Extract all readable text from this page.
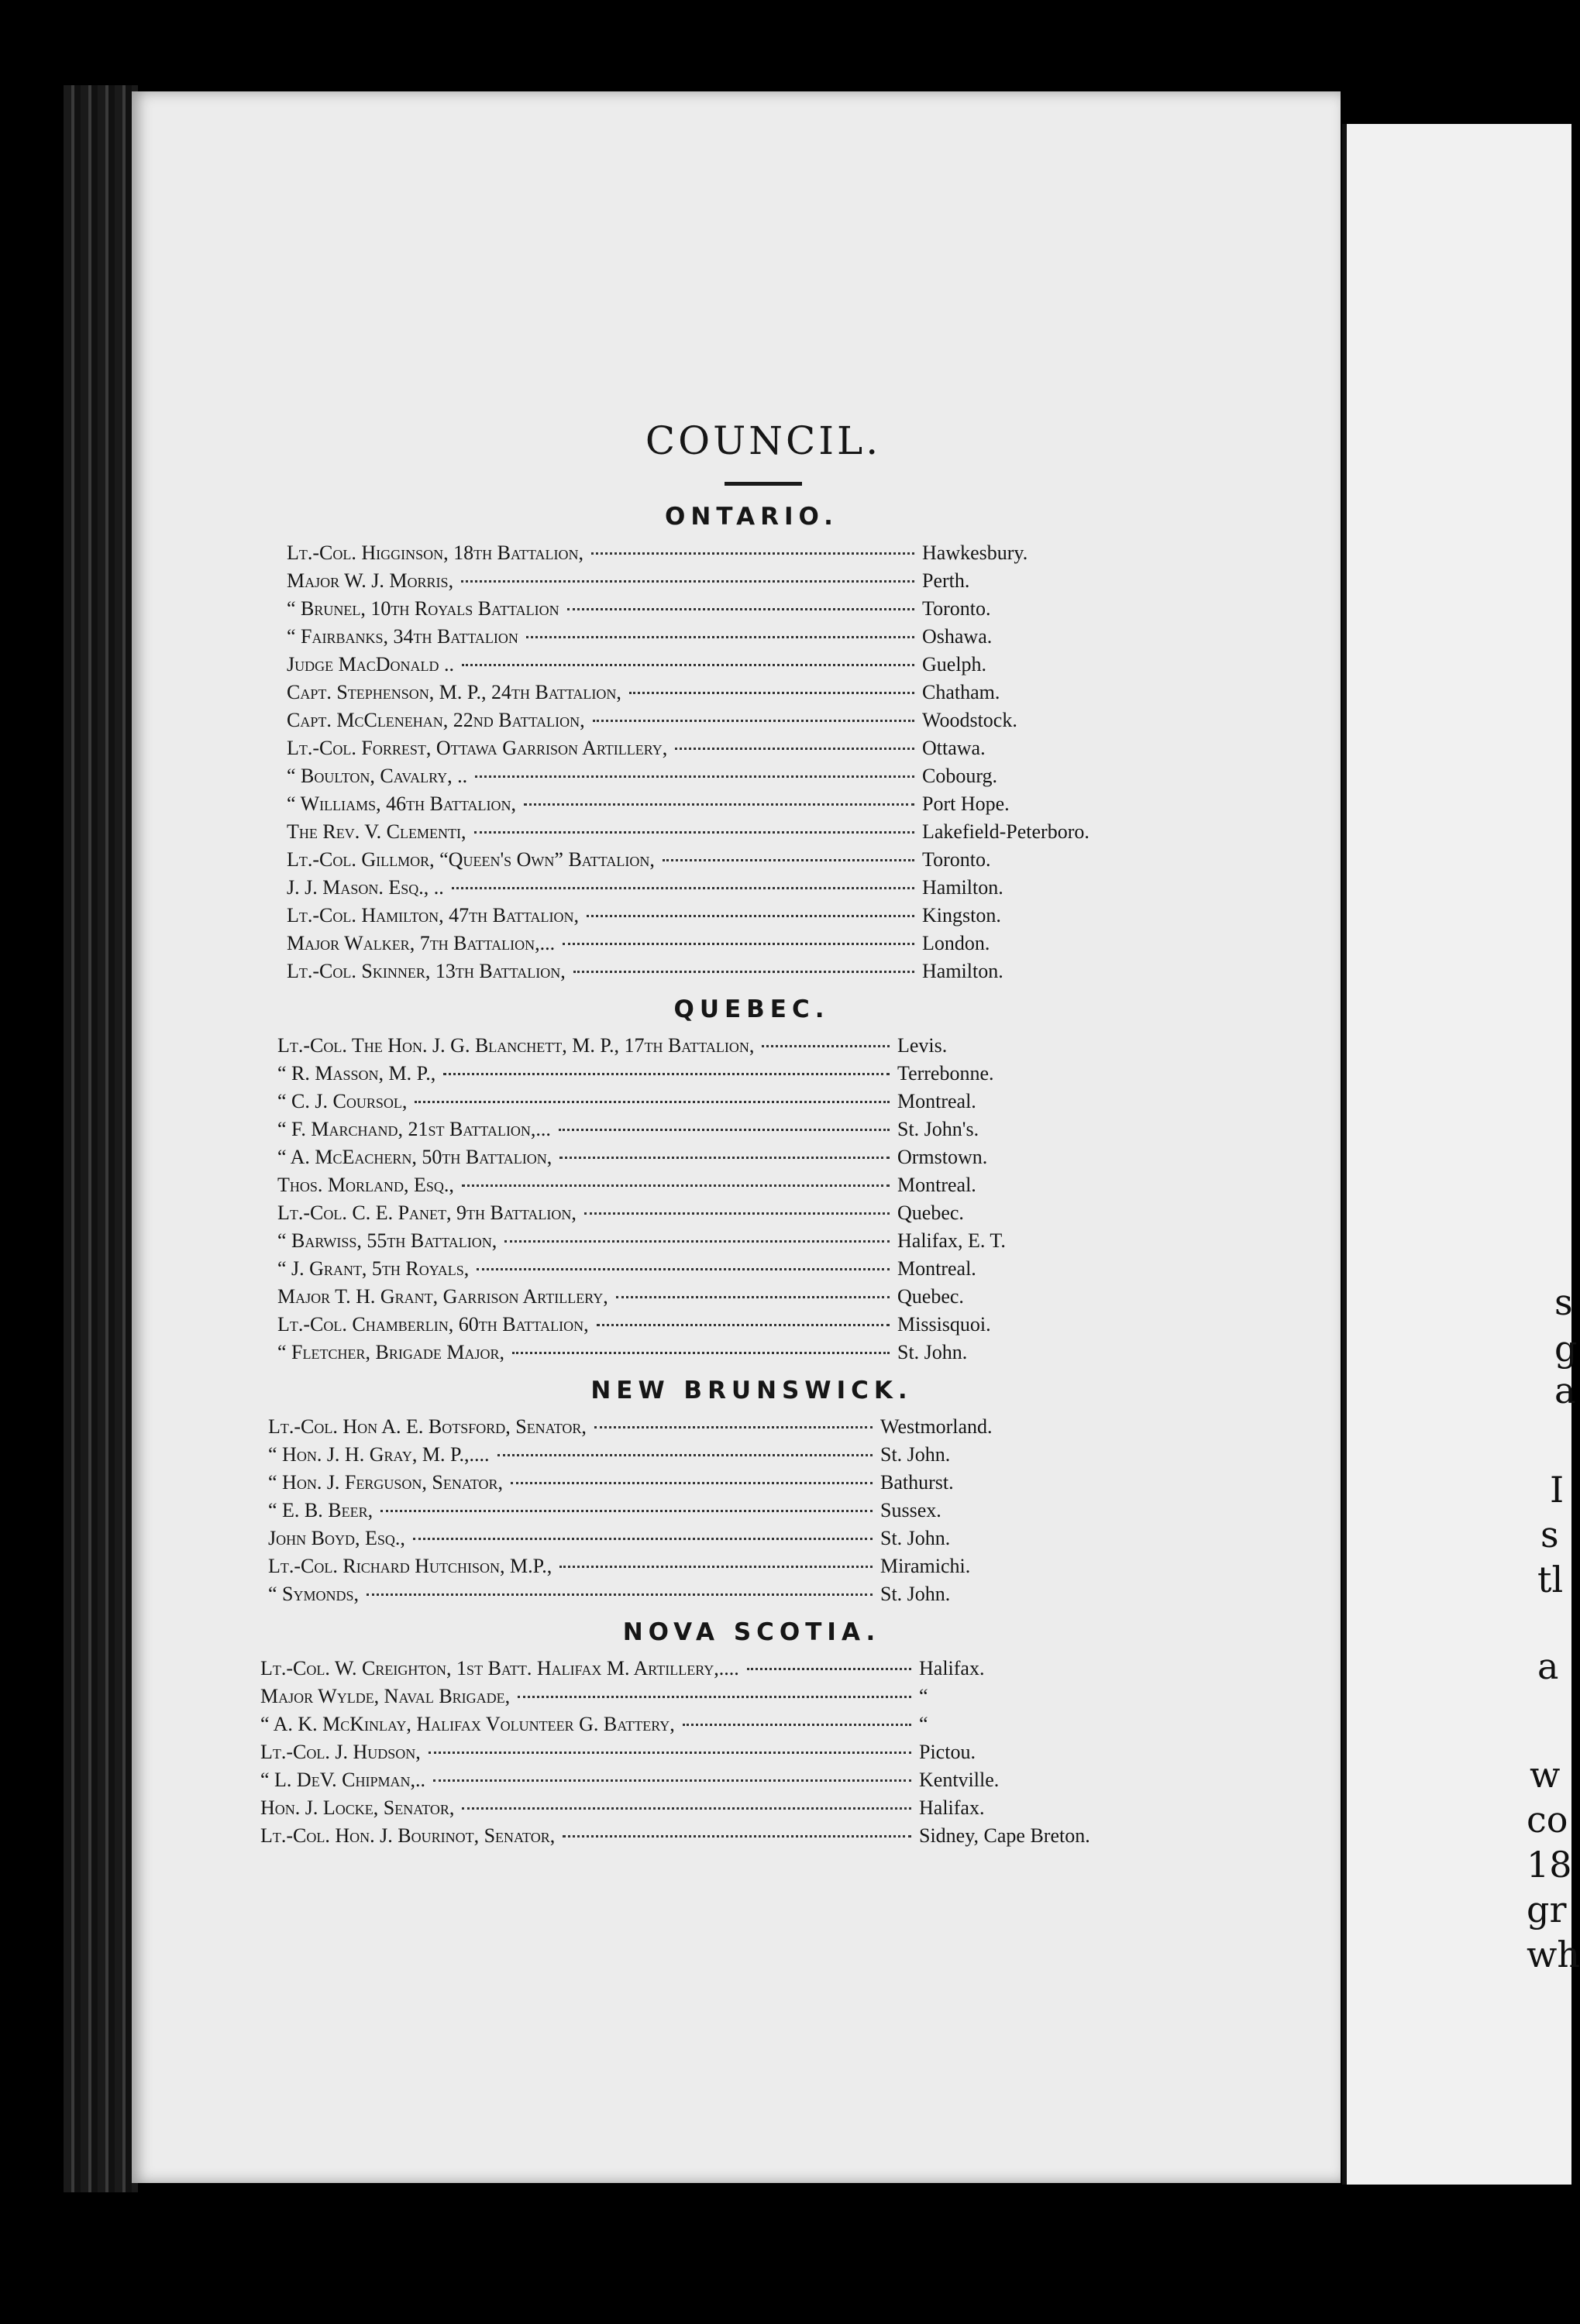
s
g
a
I
s
tl
a
w
co
18
gr
wh
COUNCIL.
ONTARIO.
Lt.-Col. Higginson, 18th Battalion,	Hawkesbury.
Major W. J. Morris,	Perth.
“ Brunel, 10th Royals Battalion	Toronto.
“ Fairbanks, 34th Battalion	Oshawa.
Judge MacDonald ..	Guelph.
Capt. Stephenson, M. P., 24th Battalion,	Chatham.
Capt. McClenehan, 22nd Battalion,	Woodstock.
Lt.-Col. Forrest, Ottawa Garrison Artillery,	Ottawa.
“ Boulton, Cavalry, ..	Cobourg.
“ Williams, 46th Battalion,	Port Hope.
The Rev. V. Clementi,	Lakefield-Peterboro.
Lt.-Col. Gillmor, “Queen's Own” Battalion,	Toronto.
J. J. Mason. Esq., ..	Hamilton.
Lt.-Col. Hamilton, 47th Battalion,	Kingston.
Major Walker, 7th Battalion,...	London.
Lt.-Col. Skinner, 13th Battalion,	Hamilton.
QUEBEC.
Lt.-Col. The Hon. J. G. Blanchett, M. P., 17th Battalion,	Levis.
“ R. Masson, M. P.,	Terrebonne.
“ C. J. Coursol,	Montreal.
“ F. Marchand, 21st Battalion,...	St. John's.
“ A. McEachern, 50th Battalion,	Ormstown.
Thos. Morland, Esq.,	Montreal.
Lt.-Col. C. E. Panet, 9th Battalion,	Quebec.
“ Barwiss, 55th Battalion,	Halifax, E. T.
“ J. Grant, 5th Royals,	Montreal.
Major T. H. Grant, Garrison Artillery,	Quebec.
Lt.-Col. Chamberlin, 60th Battalion,	Missisquoi.
“ Fletcher, Brigade Major,	St. John.
NEW BRUNSWICK.
Lt.-Col. Hon A. E. Botsford, Senator,	Westmorland.
“ Hon. J. H. Gray, M. P.,....	St. John.
“ Hon. J. Ferguson, Senator,	Bathurst.
“ E. B. Beer,	Sussex.
John Boyd, Esq.,	St. John.
Lt.-Col. Richard Hutchison, M.P.,	Miramichi.
“ Symonds,	St. John.
NOVA SCOTIA.
Lt.-Col. W. Creighton, 1st Batt. Halifax M. Artillery,....	Halifax.
Major Wylde, Naval Brigade,	“
“ A. K. McKinlay, Halifax Volunteer G. Battery,	“
Lt.-Col. J. Hudson,	Pictou.
“ L. DeV. Chipman,..	Kentville.
Hon. J. Locke, Senator,	Halifax.
Lt.-Col. Hon. J. Bourinot, Senator,	Sidney, Cape Breton.
